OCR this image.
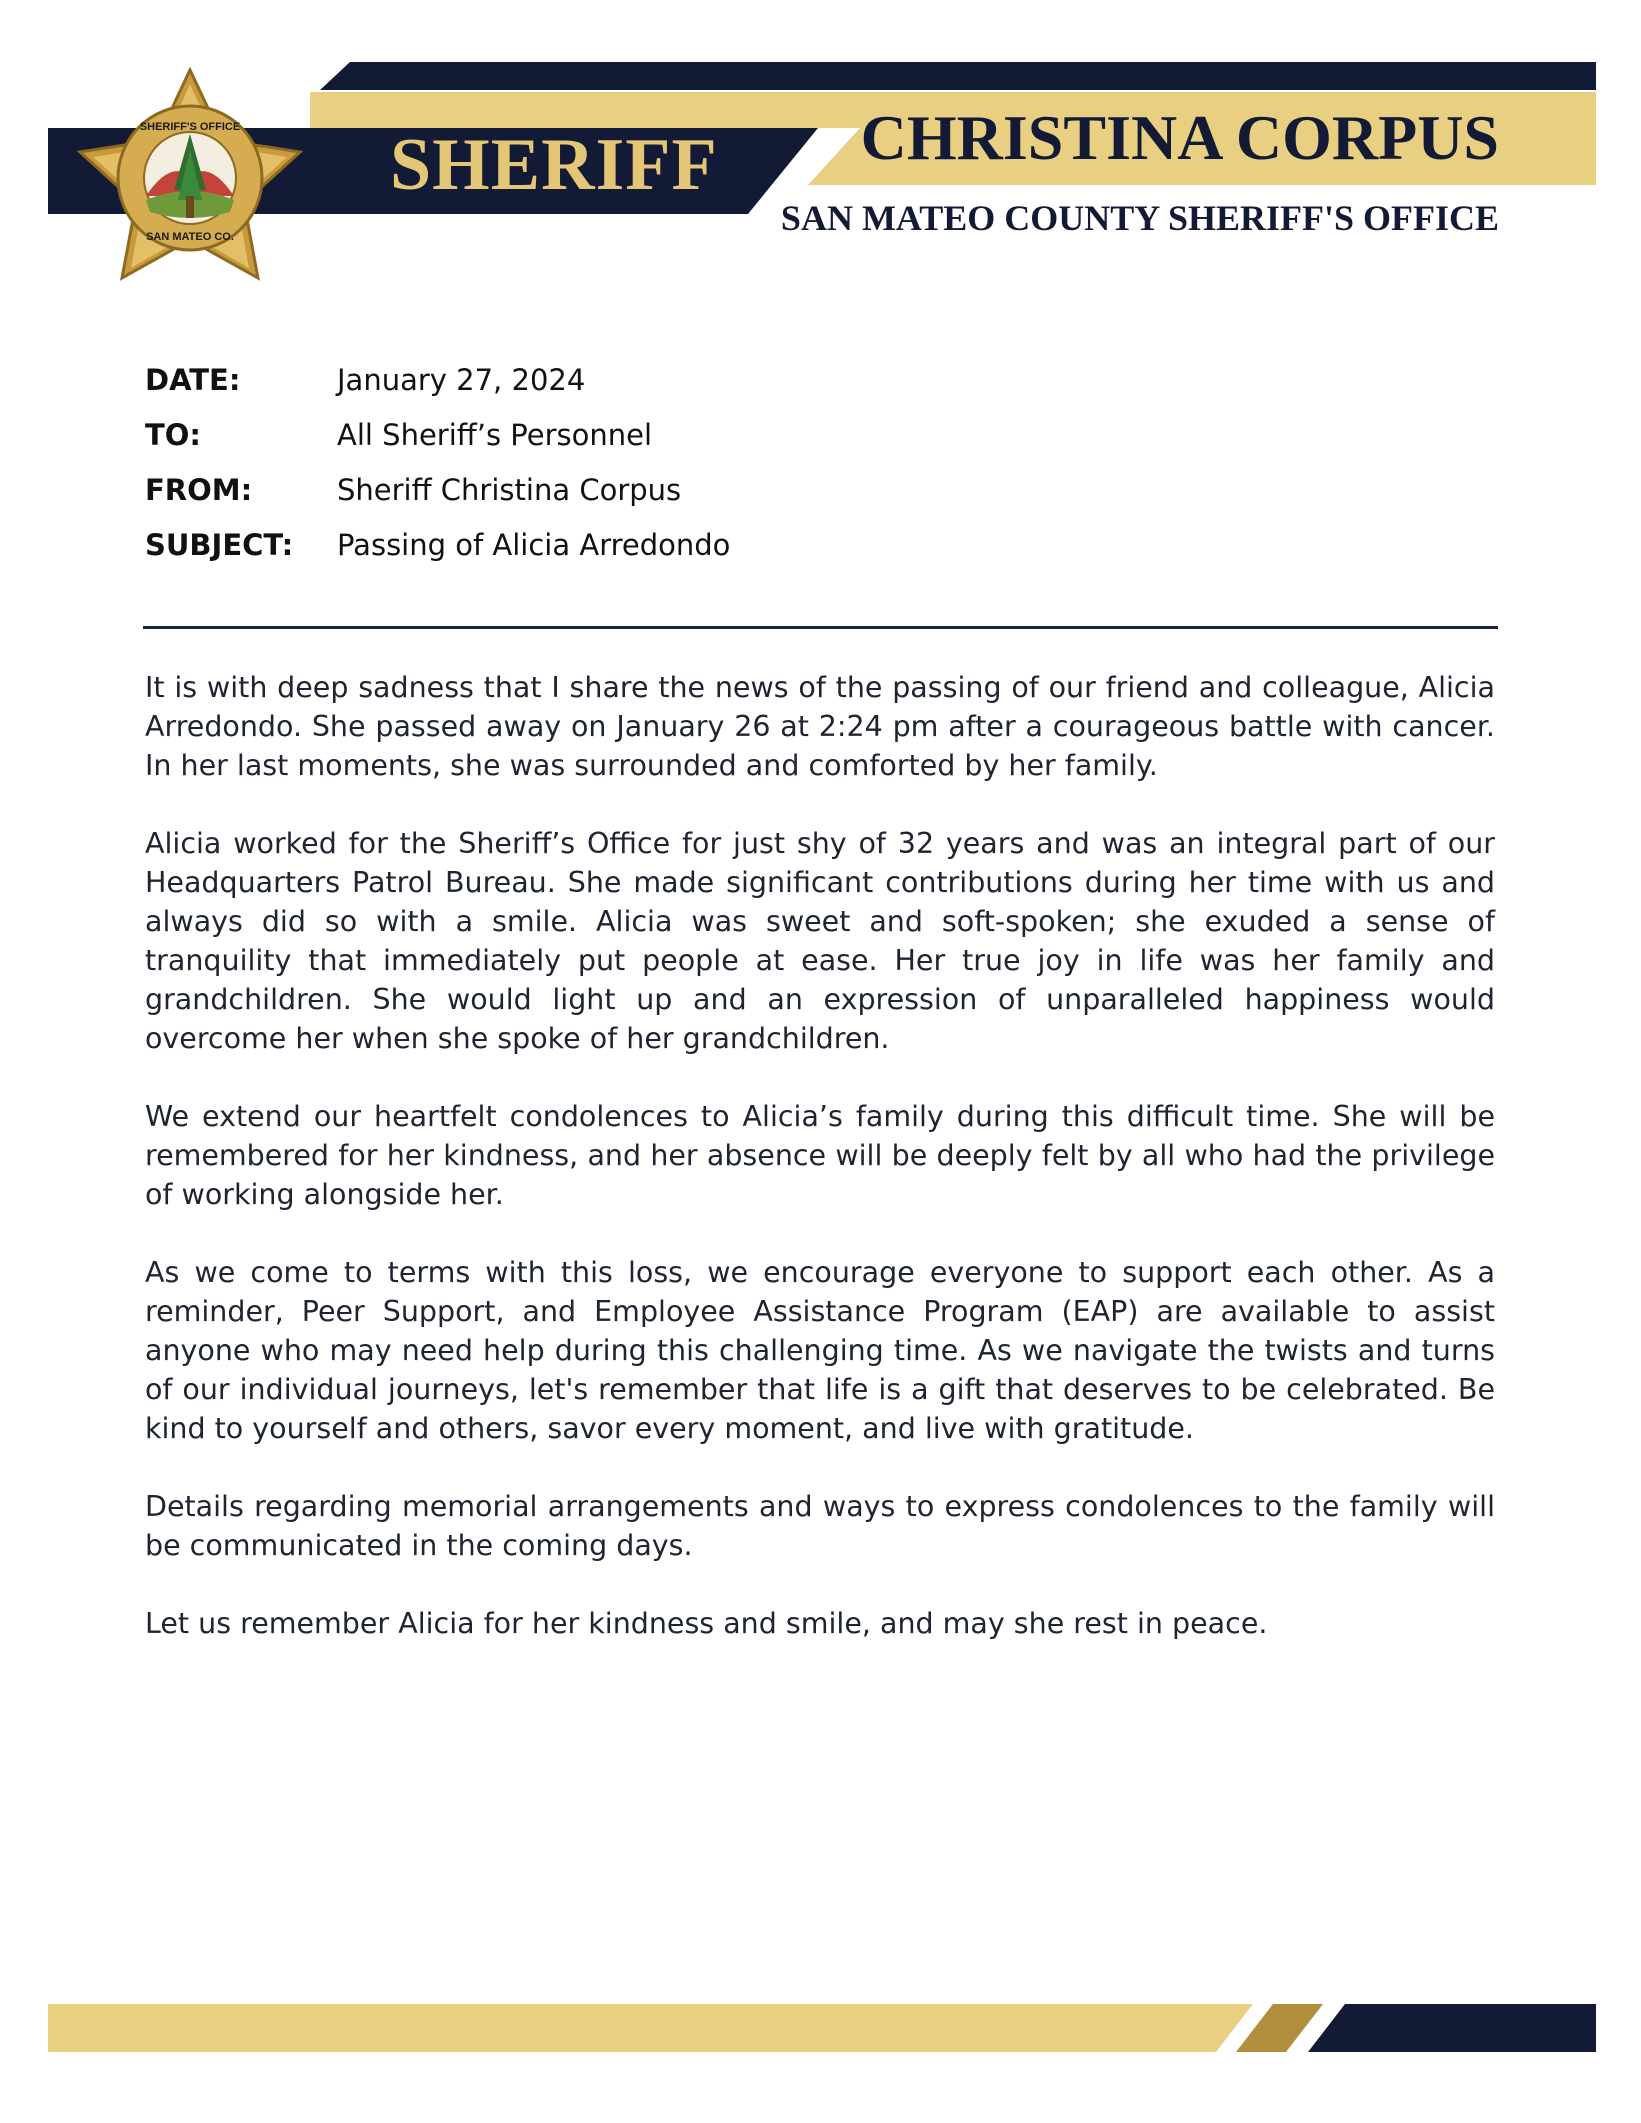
SHERIFF'S OFFICE
SAN MATEO CO.
SHERIFF CHRISTINA CORPUS
SAN MATEO COUNTY SHERIFF'S OFFICE
DATE:	January 27, 2024
TO:	All Sheriff’s Personnel
FROM:	Sheriff Christina Corpus
SUBJECT:	Passing of Alicia Arredondo

It is with deep sadness that I share the news of the passing of our friend and colleague, Alicia Arredondo. She passed away on January 26 at 2:24 pm after a courageous battle with cancer. In her last moments, she was surrounded and comforted by her family.

Alicia worked for the Sheriff’s Office for just shy of 32 years and was an integral part of our Headquarters Patrol Bureau. She made significant contributions during her time with us and always did so with a smile. Alicia was sweet and soft-spoken; she exuded a sense of tranquility that immediately put people at ease. Her true joy in life was her family and grandchildren. She would light up and an expression of unparalleled happiness would overcome her when she spoke of her grandchildren.

We extend our heartfelt condolences to Alicia’s family during this difficult time. She will be remembered for her kindness, and her absence will be deeply felt by all who had the privilege of working alongside her.

As we come to terms with this loss, we encourage everyone to support each other. As a reminder, Peer Support, and Employee Assistance Program (EAP) are available to assist anyone who may need help during this challenging time. As we navigate the twists and turns of our individual journeys, let's remember that life is a gift that deserves to be celebrated. Be kind to yourself and others, savor every moment, and live with gratitude.

Details regarding memorial arrangements and ways to express condolences to the family will be communicated in the coming days.

Let us remember Alicia for her kindness and smile, and may she rest in peace.
